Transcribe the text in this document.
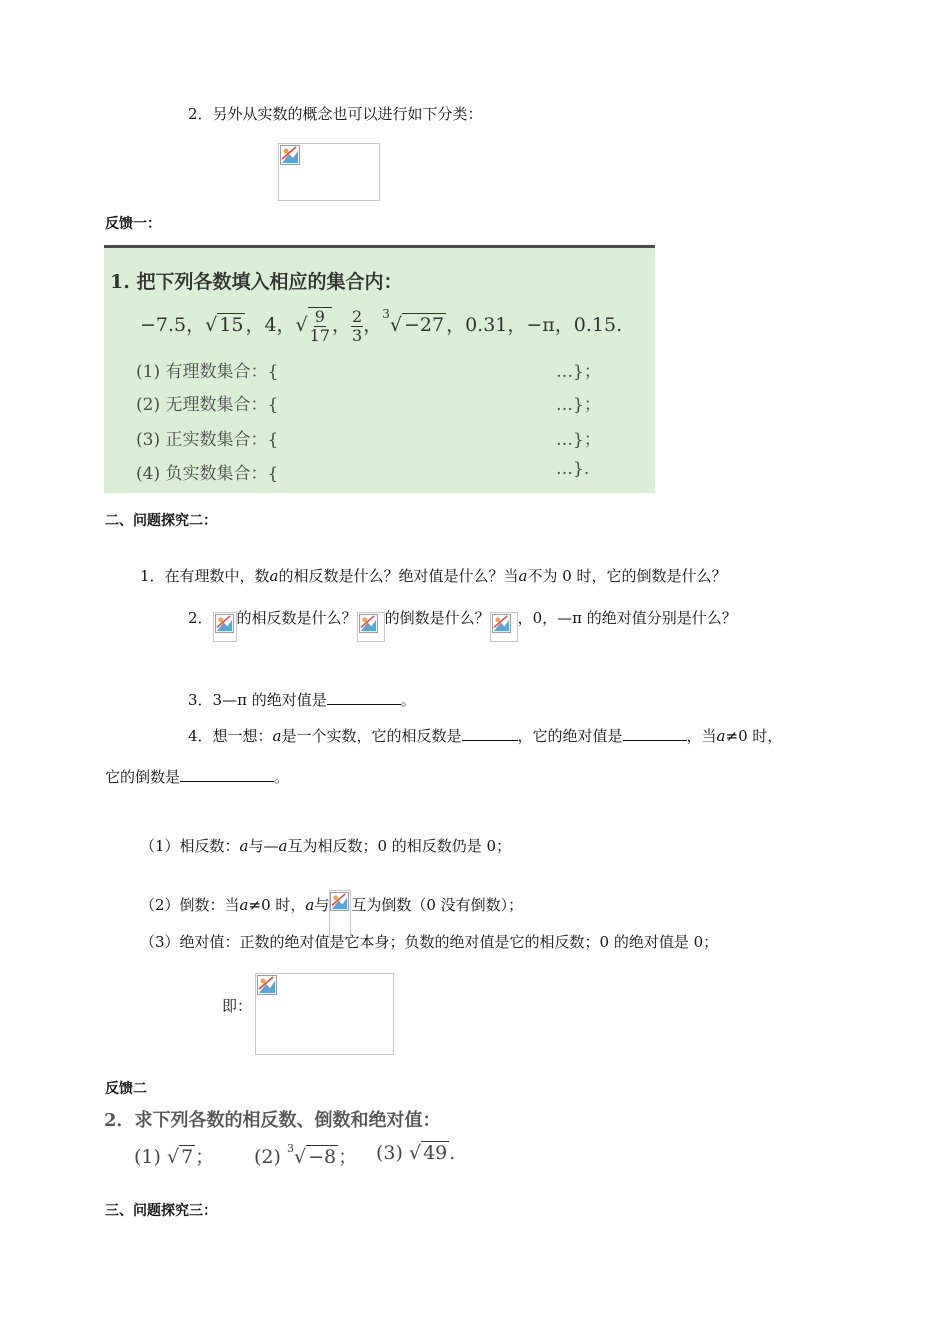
2．另外从实数的概念也可以进行如下分类：
反馈一：
1. 把下列各数填入相应的集合内：
−7.5，√ 15 ，4，√ $\frac{9}{17}$ ， $\frac{2}{3}$ ，$^3$√ −27 ，0.31，−π，0.15.
(1) 有理数集合：{	…}；
(2) 无理数集合：{	…}；
(3) 正实数集合：{	…}；
(4) 负实数集合：{	…}.
二、问题探究二：
1．在有理数中，数a的相反数是什么？绝对值是什么？当a不为 0 时，它的倒数是什么？
2． 的相反数是什么？ 的倒数是什么？ ，0，—π 的绝对值分别是什么？
3．3—π 的绝对值是	。
4．想一想：a是一个实数，它的相反数是	，它的绝对值是	，当a≠0 时，
它的倒数是	。
（1）相反数：a与—a互为相反数；0 的相反数仍是 0；
（2）倒数：当a≠0 时，a与 互为倒数（0 没有倒数）；
（3）绝对值：正数的绝对值是它本身；负数的绝对值是它的相反数；0 的绝对值是 0；
即：
反馈二
2．求下列各数的相反数、倒数和绝对值：
(1) √ 7 ； (2) $^3$√ −8 ； (3) √ 49 .
三、问题探究三：
